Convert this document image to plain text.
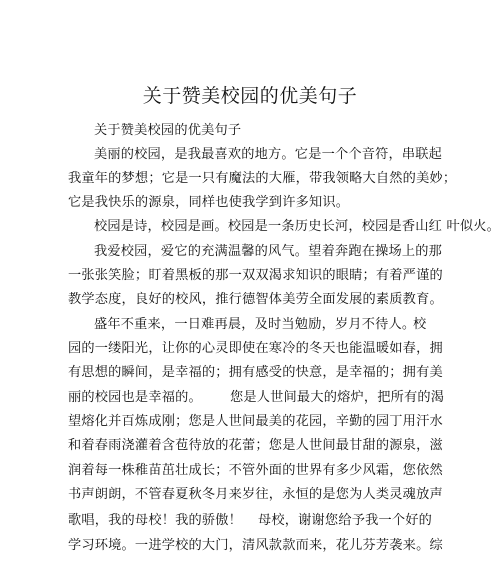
关于赞美校园的优美句子
关于赞美校园的优美句子
美丽的校园，是我最喜欢的地方。它是一个个音符，串联起
我童年的梦想；它是一只有魔法的大雁，带我领略大自然的美妙；
它是我快乐的源泉，同样也使我学到许多知识。
校园是诗，校园是画。校园是一条历史长河，校园是香山红 叶似火。
我爱校园，爱它的充满温馨的风气。望着奔跑在操场上的那
一张张笑脸；盯着黑板的那一双双渴求知识的眼睛；有着严谨的
教学态度，良好的校风，推行德智体美劳全面发展的素质教育。
盛年不重来，一日难再晨，及时当勉励，岁月不待人。
校
园的一缕阳光，让你的心灵即使在寒冷的冬天也能温暖如春，拥
有思想的瞬间，是幸福的；拥有感受的快意，是幸福的；拥有美
丽的校园也是幸福的。 您是人世间最大的熔炉，把所有的渴
望熔化并百炼成刚；您是人世间最美的花园，辛勤的园丁用汗水
和着春雨浇灌着含苞待放的花蕾；您是人世间最甘甜的源泉，滋
润着每一株稚苗茁壮成长；不管外面的世界有多少风霜，您依然
书声朗朗，不管春夏秋冬月来岁往，永恒的是您为人类灵魂放声
歌唱，我的母校！我的骄傲！ 母校，谢谢您给予我一个好的
学习环境。一进学校的大门，清风款款而来，花儿芬芳袭来。综
